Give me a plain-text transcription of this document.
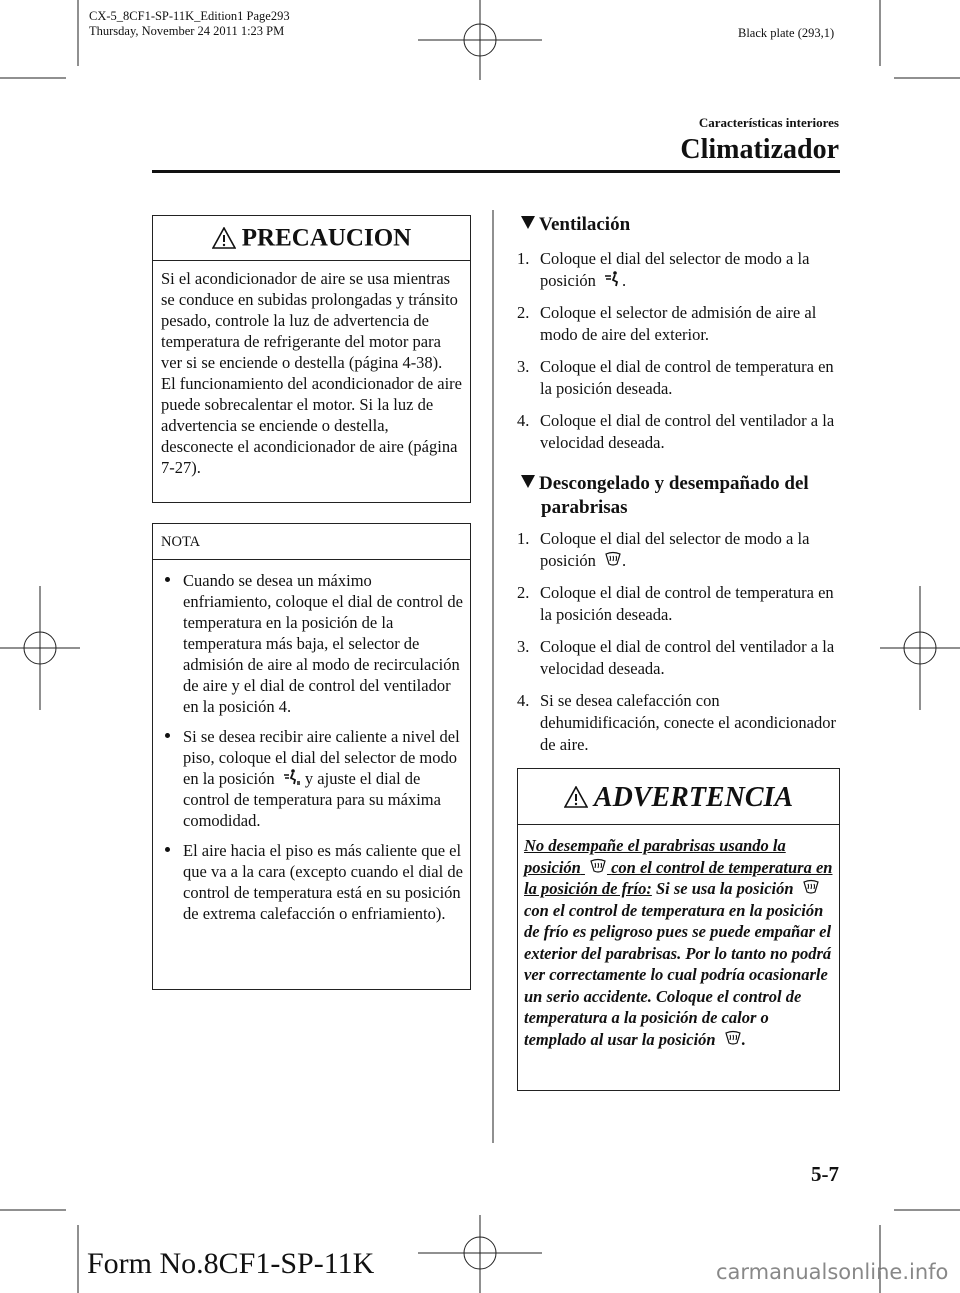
CX-5_8CF1-SP-11K_Edition1 Page293
Thursday, November 24 2011 1:23 PM	Black plate (293,1)
Características interiores
Climatizador
PRECAUCION
Si el acondicionador de aire se usa mientras se conduce en subidas prolongadas y tránsito pesado, controle la luz de advertencia de temperatura de refrigerante del motor para ver si se enciende o destella (página 4-38).
El funcionamiento del acondicionador de aire puede sobrecalentar el motor. Si la luz de advertencia se enciende o destella, desconecte el acondicionador de aire (página 7-27).
NOTA
Cuando se desea un máximo enfriamiento, coloque el dial de control de temperatura en la posición de la temperatura más baja, el selector de admisión de aire al modo de recirculación de aire y el dial de control del ventilador en la posición 4.
Si se desea recibir aire caliente a nivel del piso, coloque el dial del selector de modo en la posición y ajuste el dial de control de temperatura para su máxima comodidad.
El aire hacia el piso es más caliente que el que va a la cara (excepto cuando el dial de control de temperatura está en su posición de extrema calefacción o enfriamiento).
Ventilación
1. Coloque el dial del selector de modo a la posición .
2. Coloque el selector de admisión de aire al modo de aire del exterior.
3. Coloque el dial de control de temperatura en la posición deseada.
4. Coloque el dial de control del ventilador a la velocidad deseada.
Descongelado y desempañado del
parabrisas
1. Coloque el dial del selector de modo a la posición .
2. Coloque el dial de control de temperatura en la posición deseada.
3. Coloque el dial de control del ventilador a la velocidad deseada.
4. Si se desea calefacción con dehumidificación, conecte el acondicionador de aire.
ADVERTENCIA
No desempañe el parabrisas usando la posición con el control de temperatura en la posición de frío: Si se usa la posición  con el control de temperatura en la posición de frío es peligroso pues se puede empañar el exterior del parabrisas. Por lo tanto no podrá ver correctamente lo cual podría ocasionarle un serio accidente. Coloque el control de temperatura a la posición de calor o templado al usar la posición .
5-7
Form No.8CF1-SP-11K	carmanualsonline.info
